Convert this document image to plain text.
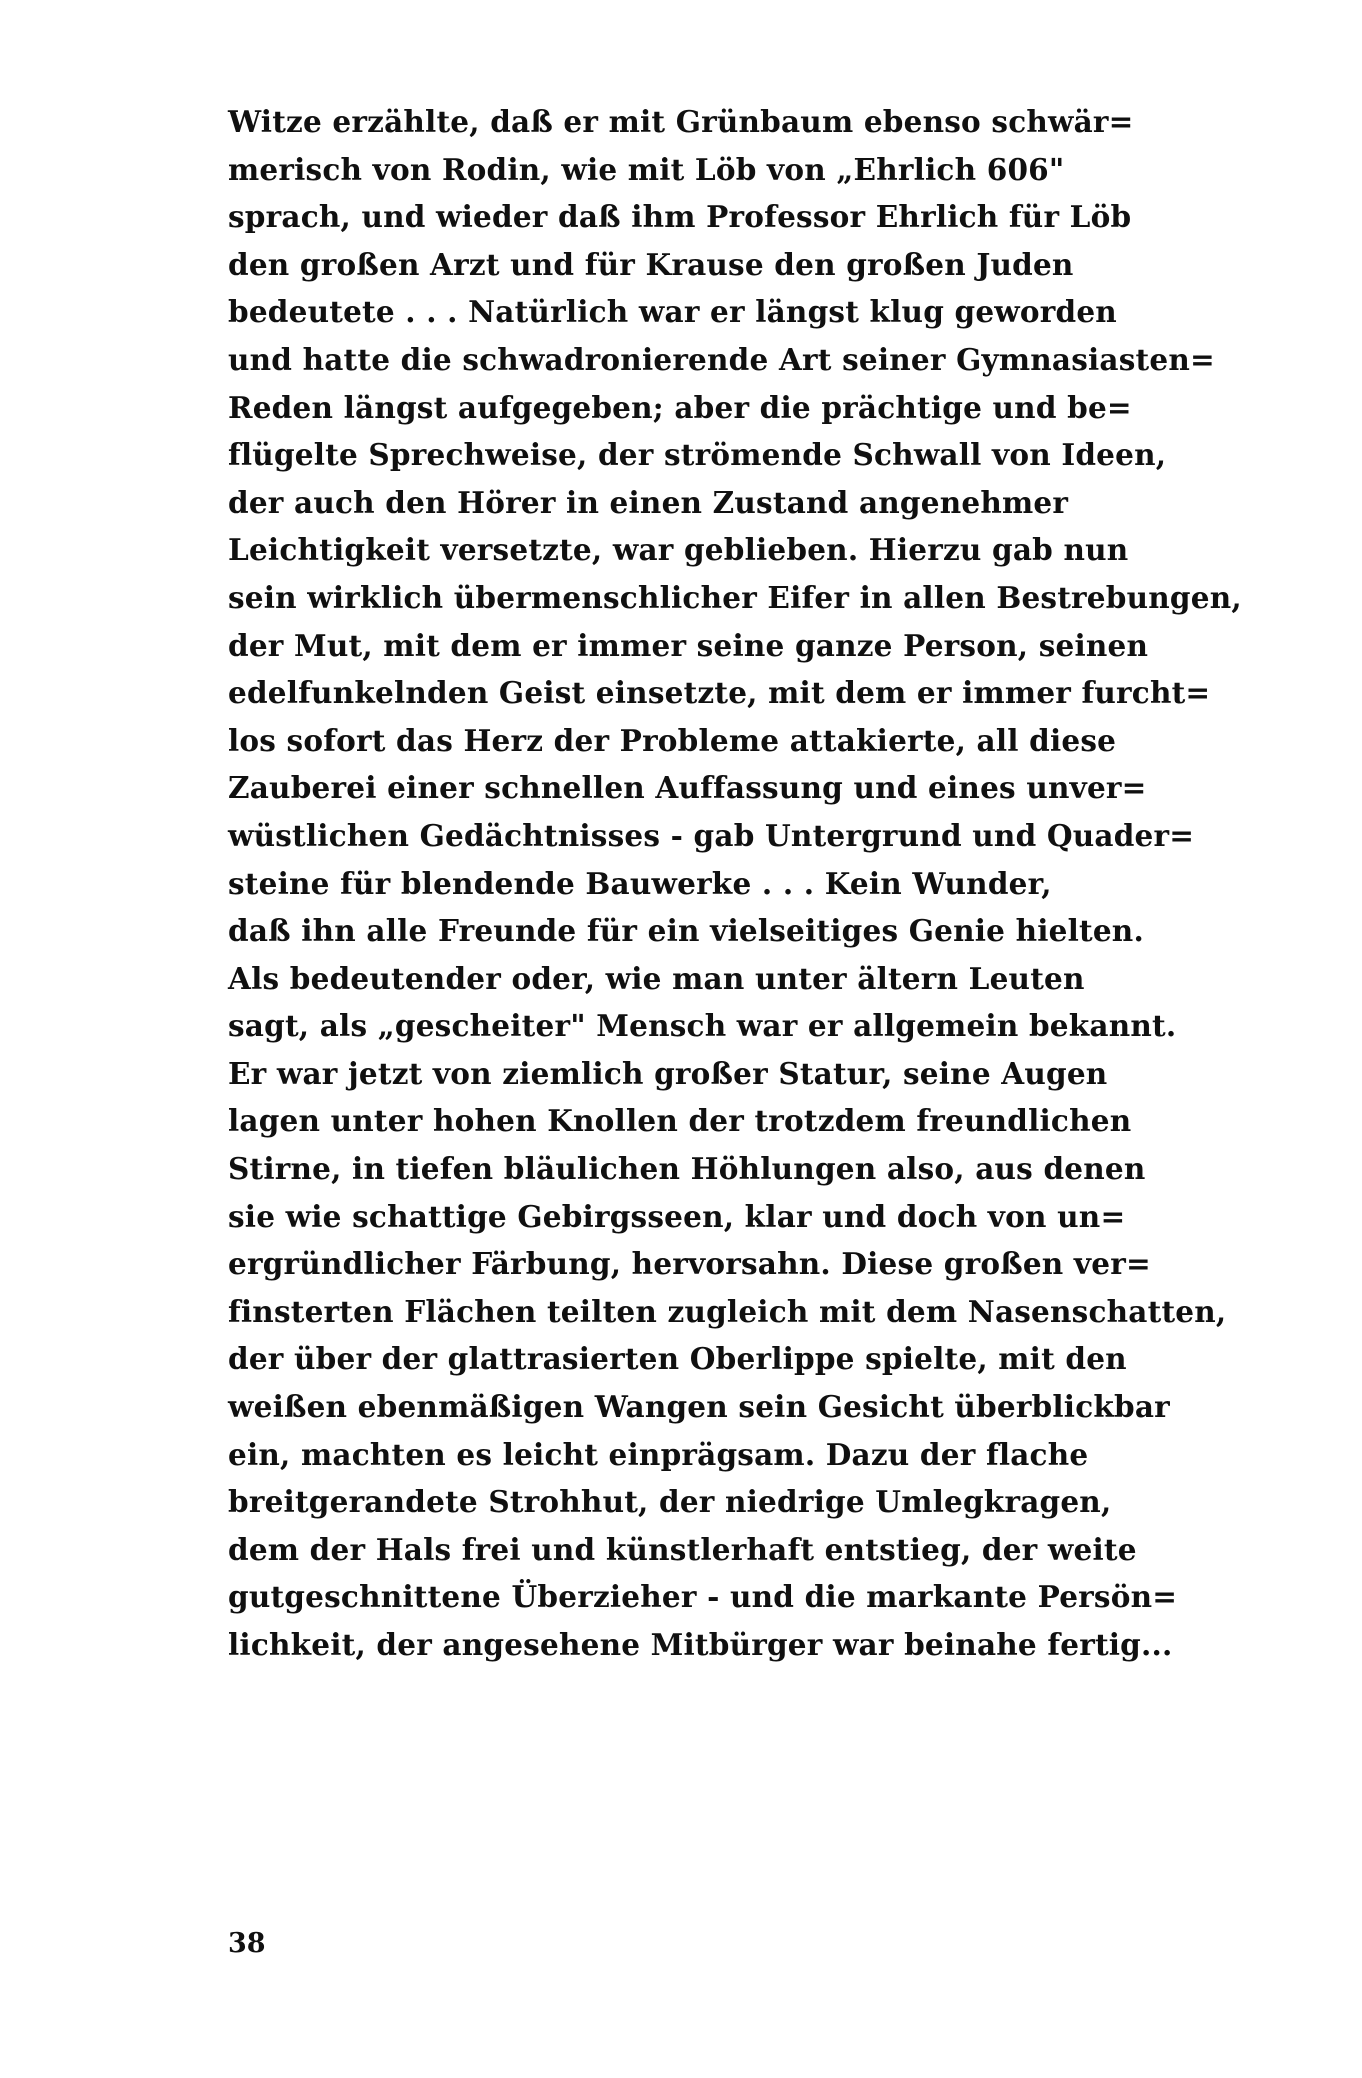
Witze erzählte, daß er mit Grünbaum ebenso schwär=
merisch von Rodin, wie mit Löb von „Ehrlich 606"
sprach, und wieder daß ihm Professor Ehrlich für Löb
den großen Arzt und für Krause den großen Juden
bedeutete . . . Natürlich war er längst klug geworden
und hatte die schwadronierende Art seiner Gymnasiasten=
Reden längst aufgegeben; aber die prächtige und be=
flügelte Sprechweise, der strömende Schwall von Ideen,
der auch den Hörer in einen Zustand angenehmer
Leichtigkeit versetzte, war geblieben. Hierzu gab nun
sein wirklich übermenschlicher Eifer in allen Bestrebungen,
der Mut, mit dem er immer seine ganze Person, seinen
edelfunkelnden Geist einsetzte, mit dem er immer furcht=
los sofort das Herz der Probleme attakierte, all diese
Zauberei einer schnellen Auffassung und eines unver=
wüstlichen Gedächtnisses - gab Untergrund und Quader=
steine für blendende Bauwerke . . . Kein Wunder,
daß ihn alle Freunde für ein vielseitiges Genie hielten.
Als bedeutender oder, wie man unter ältern Leuten
sagt, als „gescheiter" Mensch war er allgemein bekannt.
Er war jetzt von ziemlich großer Statur, seine Augen
lagen unter hohen Knollen der trotzdem freundlichen
Stirne, in tiefen bläulichen Höhlungen also, aus denen
sie wie schattige Gebirgsseen, klar und doch von un=
ergründlicher Färbung, hervorsahn. Diese großen ver=
finsterten Flächen teilten zugleich mit dem Nasenschatten,
der über der glattrasierten Oberlippe spielte, mit den
weißen ebenmäßigen Wangen sein Gesicht überblickbar
ein, machten es leicht einprägsam. Dazu der flache
breitgerandete Strohhut, der niedrige Umlegkragen,
dem der Hals frei und künstlerhaft entstieg, der weite
gutgeschnittene Überzieher - und die markante Persön=
lichkeit, der angesehene Mitbürger war beinahe fertig...
38
